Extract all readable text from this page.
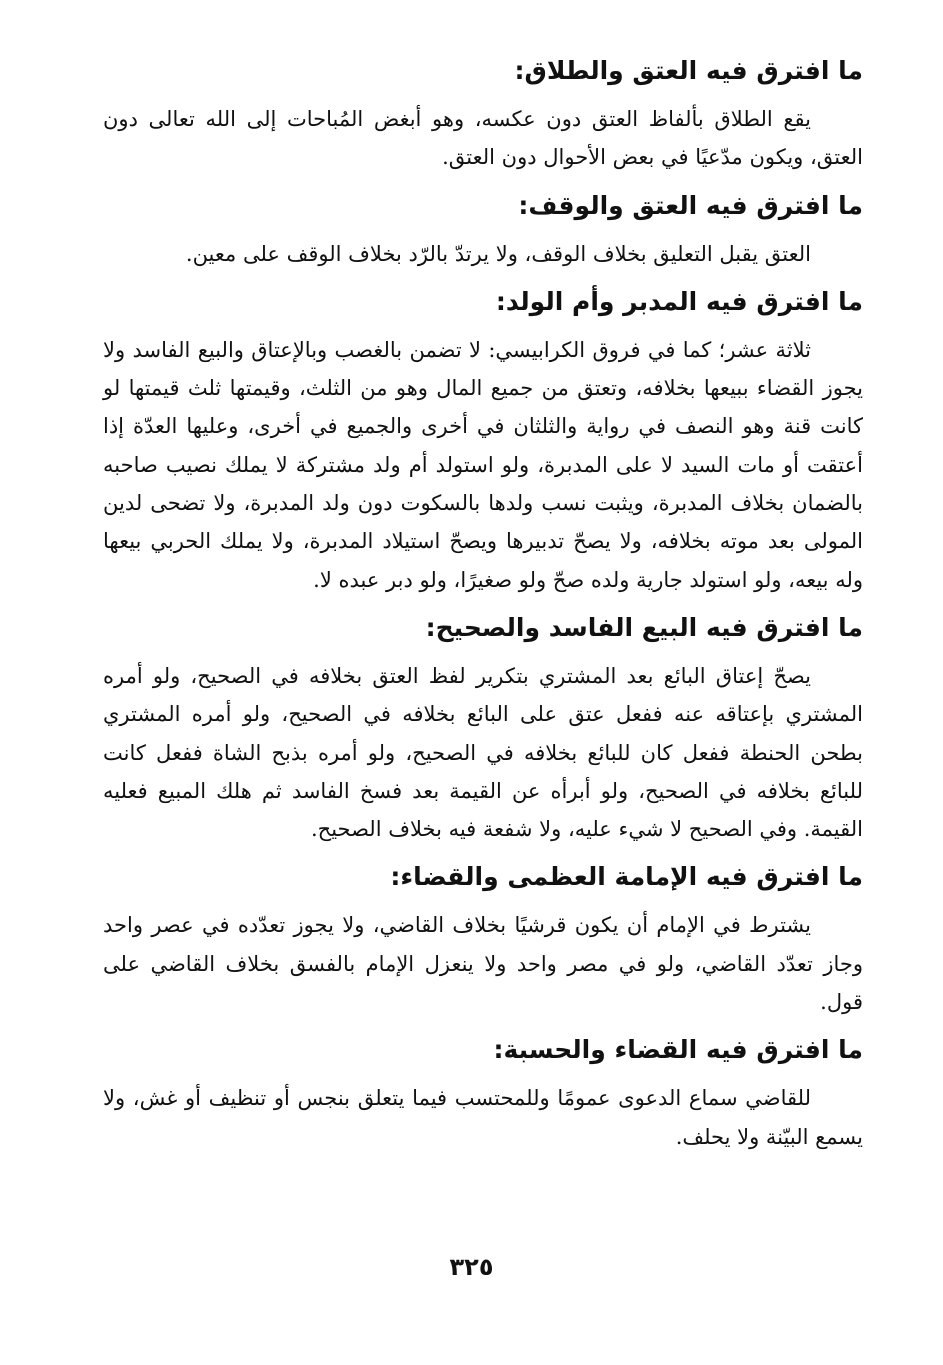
ما افترق فيه العتق والطلاق:

يقع الطلاق بألفاظ العتق دون عكسه، وهو أبغض المُباحات إلى الله تعالى دون العتق، ويكون مدّعيًا في بعض الأحوال دون العتق.

ما افترق فيه العتق والوقف:

العتق يقبل التعليق بخلاف الوقف، ولا يرتدّ بالرّد بخلاف الوقف على معين.

ما افترق فيه المدبر وأم الولد:

ثلاثة عشر؛ كما في فروق الكرابيسي: لا تضمن بالغصب وبالإعتاق والبيع الفاسد ولا يجوز القضاء ببيعها بخلافه، وتعتق من جميع المال وهو من الثلث، وقيمتها ثلث قيمتها لو كانت قنة وهو النصف في رواية والثلثان في أخرى والجميع في أخرى، وعليها العدّة إذا أعتقت أو مات السيد لا على المدبرة، ولو استولد أم ولد مشتركة لا يملك نصيب صاحبه بالضمان بخلاف المدبرة، ويثبت نسب ولدها بالسكوت دون ولد المدبرة، ولا تضحى لدين المولى بعد موته بخلافه، ولا يصحّ تدبيرها ويصحّ استيلاد المدبرة، ولا يملك الحربي بيعها وله بيعه، ولو استولد جارية ولده صحّ ولو صغيرًا، ولو دبر عبده لا.

ما افترق فيه البيع الفاسد والصحيح:

يصحّ إعتاق البائع بعد المشتري بتكرير لفظ العتق بخلافه في الصحيح، ولو أمره المشتري بإعتاقه عنه ففعل عتق على البائع بخلافه في الصحيح، ولو أمره المشتري بطحن الحنطة ففعل كان للبائع بخلافه في الصحيح، ولو أمره بذبح الشاة ففعل كانت للبائع بخلافه في الصحيح، ولو أبرأه عن القيمة بعد فسخ الفاسد ثم هلك المبيع فعليه القيمة. وفي الصحيح لا شيء عليه، ولا شفعة فيه بخلاف الصحيح.

ما افترق فيه الإمامة العظمى والقضاء:

يشترط في الإمام أن يكون قرشيًا بخلاف القاضي، ولا يجوز تعدّده في عصر واحد وجاز تعدّد القاضي، ولو في مصر واحد ولا ينعزل الإمام بالفسق بخلاف القاضي على قول.

ما افترق فيه القضاء والحسبة:

للقاضي سماع الدعوى عمومًا وللمحتسب فيما يتعلق بنجس أو تنظيف أو غش، ولا يسمع البيّنة ولا يحلف.

٣٢٥
